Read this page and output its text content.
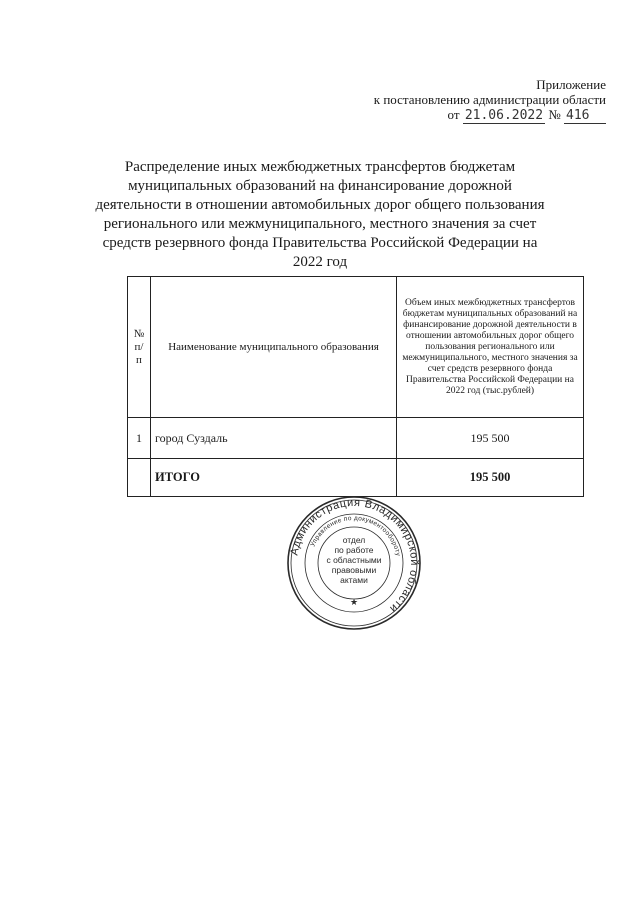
Приложение
к постановлению администрации области
от 21.06.2022 № 416
Распределение иных межбюджетных трансфертов бюджетам муниципальных образований на финансирование дорожной деятельности в отношении автомобильных дорог общего пользования регионального или межмуниципального, местного значения за счет средств резервного фонда Правительства Российской Федерации на 2022 год
№ п/п	Наименование муниципального образования	Объем иных межбюджетных трансфертов бюджетам муниципальных образований на финансирование дорожной деятельности в отношении автомобильных дорог общего пользования регионального или межмуниципального, местного значения за счет средств резервного фонда Правительства Российской Федерации на 2022 год (тыс.рублей)
1	город Суздаль	195 500
	ИТОГО	195 500
Администрация Владимирской области
Управление по документообороту
отдел
по работе
с областными
правовыми
актами
★
